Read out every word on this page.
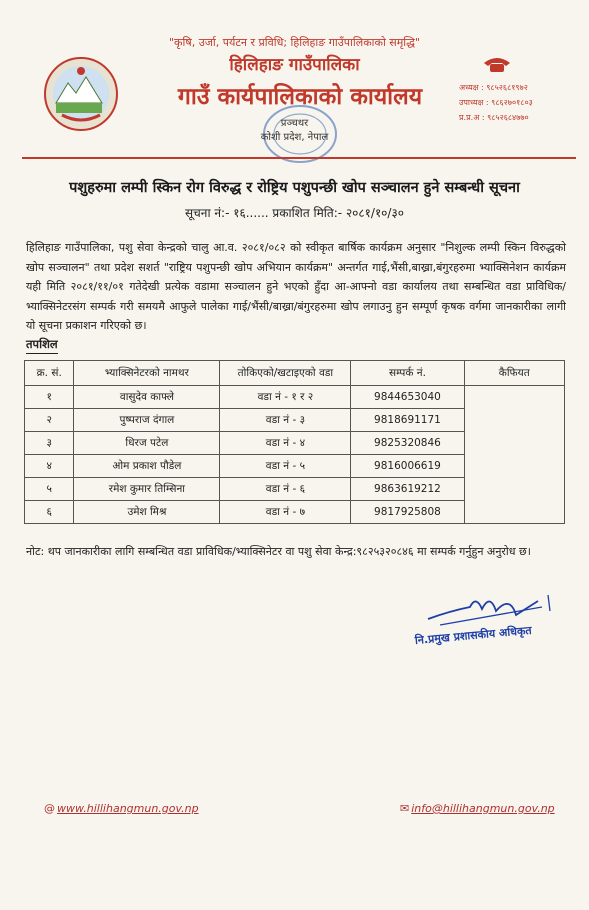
"कृषि, उर्जा, पर्यटन र प्रविधि; हिलिहाङ गाउँपालिकाको समृद्धि"
हिलिहाङ गाउँपालिका
गाउँ कार्यपालिकाको कार्यालय	अध्यक्ष : ९८५२६८१९७२
उपाध्यक्ष : ९८६२७०१८०३
प्र.प्र.अ : ९८५२६८४७७०
प्रञ्चथर
कोशी प्रदेश, नेपाल
पशुहरुमा लम्पी स्किन रोग विरुद्ध र रोष्ट्रिय पशुपन्छी खोप सञ्चालन हुने सम्बन्धी सूचना
सूचना नं:- १६...... प्रकाशित मिति:- २०८१/१०/३०
हिलिहाङ गाउँपालिका, पशु सेवा केन्द्रको चालु आ.व. २०८१/०८२ को स्वीकृत बार्षिक कार्यक्रम अनुसार "निशुल्क लम्पी स्किन विरुद्धको खोप सञ्चालन" तथा प्रदेश सशर्त "राष्ट्रिय पशुपन्छी खोप अभियान कार्यक्रम" अन्तर्गत गाई,भैंसी,बाख्रा,बंगुरहरुमा भ्याक्सिनेशन कार्यक्रम यही मिति २०८१/११/०१ गतेदेखी प्रत्येक वडामा सञ्चालन हुने भएको हुँदा आ-आफ्नो वडा कार्यालय तथा सम्बन्धित वडा प्राविधिक/भ्याक्सिनेटरसंग सम्पर्क गरी समयमै आफुले पालेका गाई/भैंसी/बाख्रा/बंगुरहरुमा खोप लगाउनु हुन सम्पूर्ण कृषक वर्गमा जानकारीका लागी यो सूचना प्रकाशन गरिएको छ।
तपशिल
क्र. सं.	भ्याक्सिनेटरको नामथर	तोकिएको/खटाइएको वडा	सम्पर्क नं.	कैफियत
१	वासुदेव काफ्ले	वडा नं - १ र २	9844653040	
२	पुष्पराज दंगाल	वडा नं - ३	9818691171	
३	धिरज पटेल	वडा नं - ४	9825320846	
४	ओम प्रकाश पौडेल	वडा नं - ५	9816006619	
५	रमेश कुमार तिम्सिना	वडा नं - ६	9863619212	
६	उमेश मिश्र	वडा नं - ७	9817925808	
नोट: थप जानकारीका लागि सम्बन्धित वडा प्राविधिक/भ्याक्सिनेटर वा पशु सेवा केन्द्र:९८२५३२०८४६ मा सम्पर्क गर्नुहुन अनुरोध छ।
नि.प्रमुख प्रशासकीय अधिकृत
@ www.hillihangmun.gov.np	✉ info@hillihangmun.gov.np
